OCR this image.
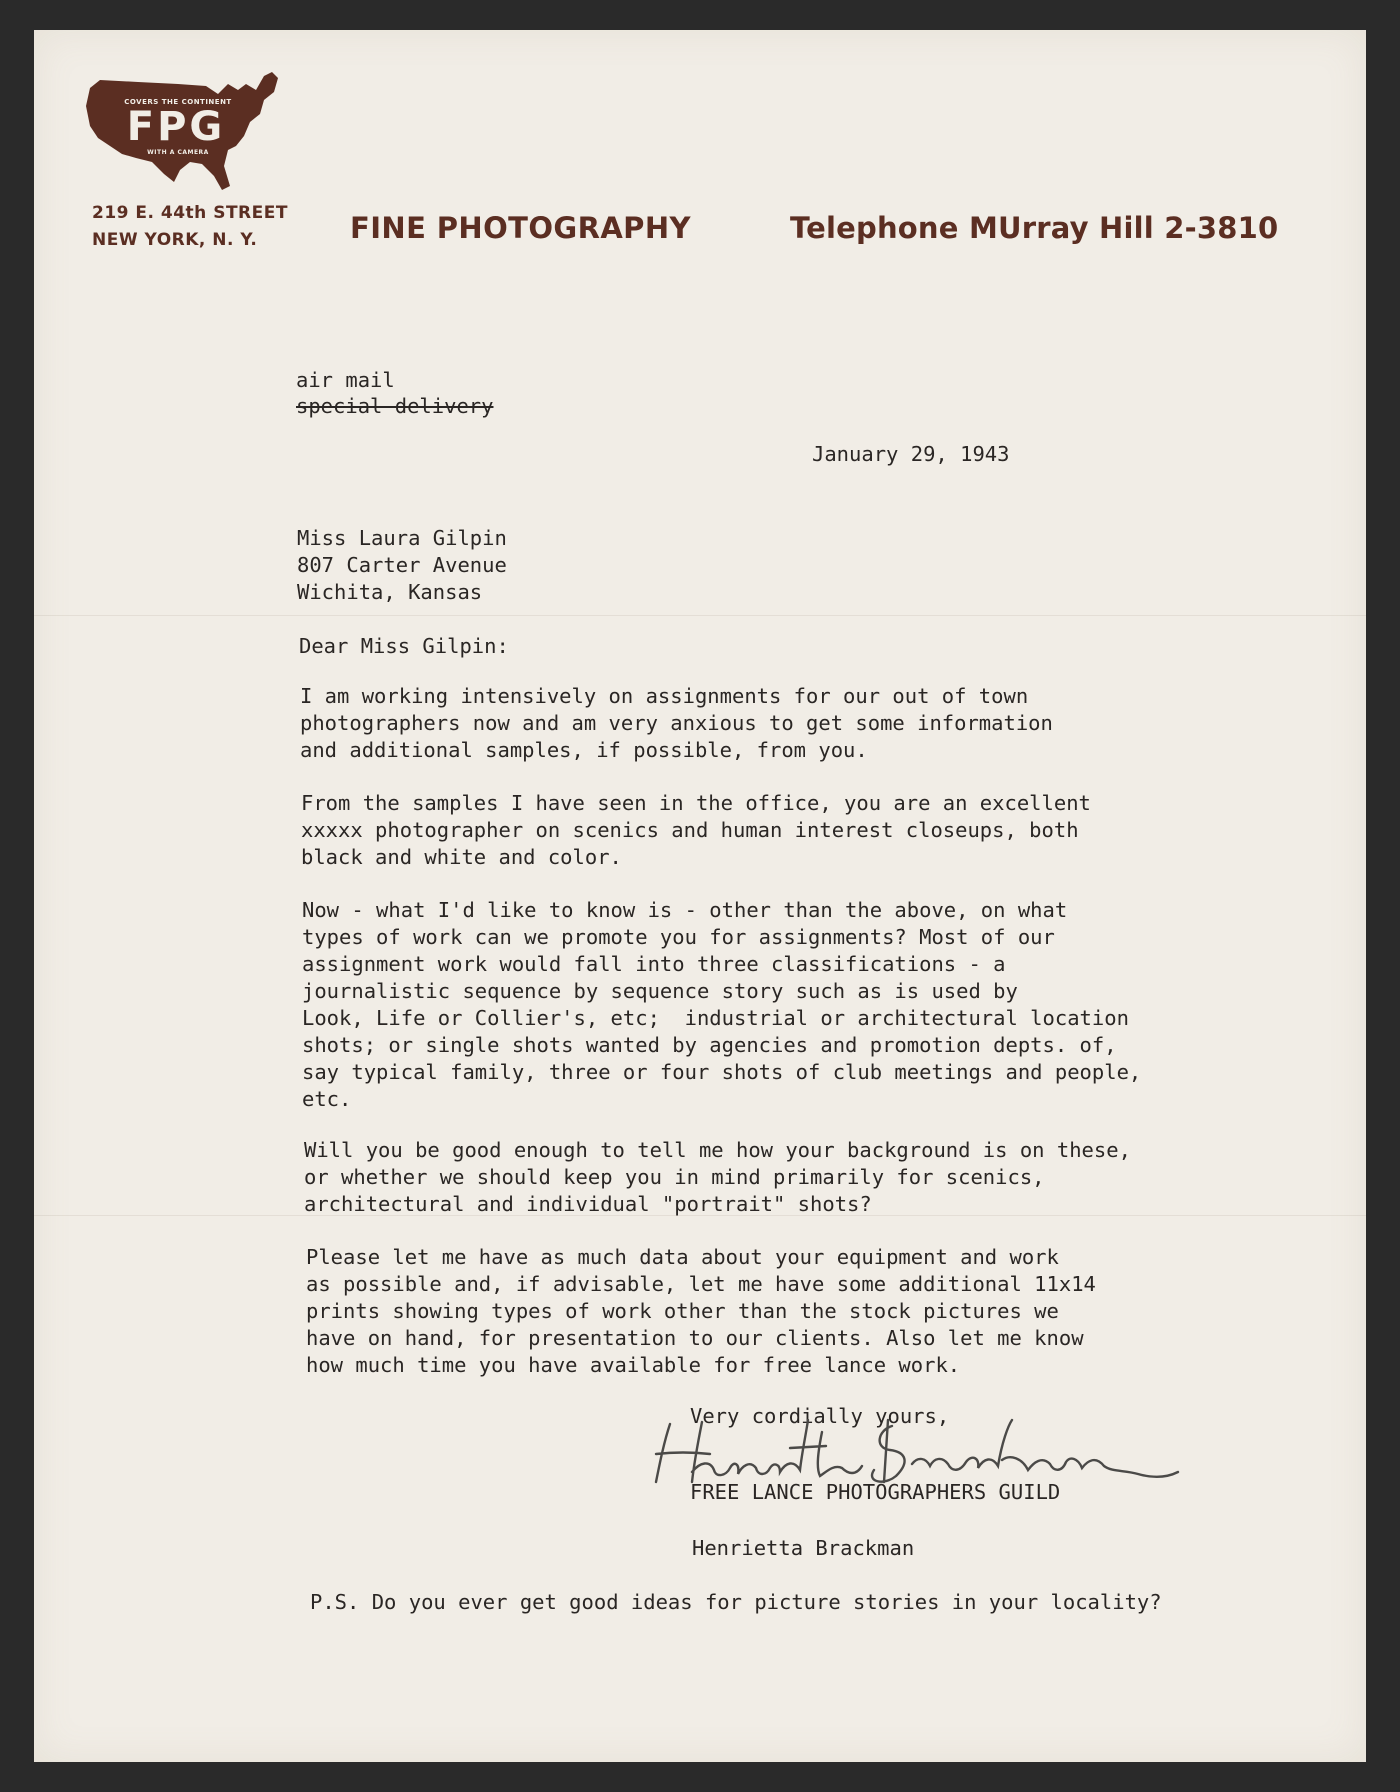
COVERS THE CONTINENT
FPG
WITH A CAMERA
219 E. 44th STREET
NEW YORK, N. Y.	FINE PHOTOGRAPHY	Telephone MUrray Hill 2-3810
air mail
special delivery
January 29, 1943
Miss Laura Gilpin
807 Carter Avenue
Wichita, Kansas
Dear Miss Gilpin:
I am working intensively on assignments for our out of town
photographers now and am very anxious to get some information
and additional samples, if possible, from you.
From the samples I have seen in the office, you are an excellent
xxxxx photographer on scenics and human interest closeups, both
black and white and color.
Now - what I'd like to know is - other than the above, on what
types of work can we promote you for assignments? Most of our
assignment work would fall into three classifications - a
journalistic sequence by sequence story such as is used by
Look, Life or Collier's, etc;  industrial or architectural location
shots; or single shots wanted by agencies and promotion depts. of,
say typical family, three or four shots of club meetings and people,
etc.
Will you be good enough to tell me how your background is on these,
or whether we should keep you in mind primarily for scenics,
architectural and individual "portrait" shots?
Please let me have as much data about your equipment and work
as possible and, if advisable, let me have some additional 11x14
prints showing types of work other than the stock pictures we
have on hand, for presentation to our clients. Also let me know
how much time you have available for free lance work.
Very cordially yours,
FREE LANCE PHOTOGRAPHERS GUILD
Henrietta Brackman
P.S. Do you ever get good ideas for picture stories in your locality?
